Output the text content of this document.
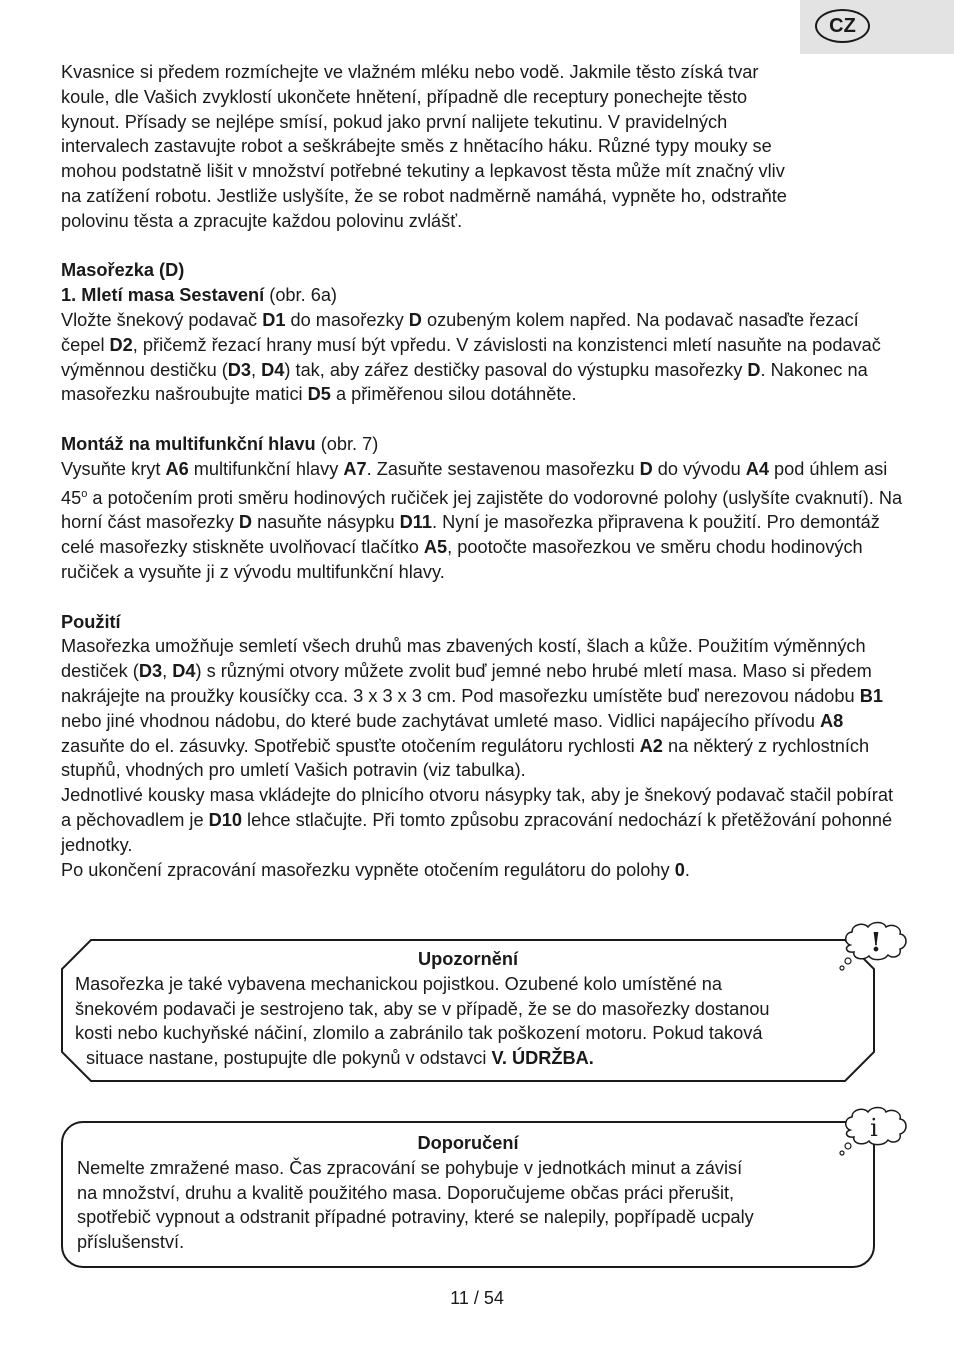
CZ

Kvasnice si předem rozmíchejte ve vlažném mléku nebo vodě. Jakmile těsto získá tvar

koule, dle Vašich zvyklostí ukončete hnětení, případně dle receptury ponechejte těsto

kynout. Přísady se nejlépe smísí, pokud jako první nalijete tekutinu. V pravidelných

intervalech zastavujte robot a seškrábejte směs z hnětacího háku. Různé typy mouky se

mohou podstatně lišit v množství potřebné tekutiny a lepkavost těsta může mít značný vliv

na zatížení robotu. Jestliže uslyšíte, že se robot nadměrně namáhá, vypněte ho, odstraňte

polovinu těsta a zpracujte každou polovinu zvlášť.

Masořezka (D)

1. Mletí masa Sestavení (obr. 6a)

Vložte šnekový podavač D1 do masořezky D ozubeným kolem napřed. Na podavač nasaďte řezací čepel D2, přičemž řezací hrany musí být vpředu. V závislosti na konzistenci mletí nasuňte na podavač výměnnou destičku (D3, D4) tak, aby zářez destičky pasoval do výstupku masořezky D. Nakonec na masořezku našroubujte matici D5 a přiměřenou silou dotáhněte.

Montáž na multifunkční hlavu (obr. 7)

Vysuňte kryt A6 multifunkční hlavy A7. Zasuňte sestavenou masořezku D do vývodu A4 pod úhlem asi 45$^o$ a potočením proti směru hodinových ručiček jej zajistěte do vodorovné polohy (uslyšíte cvaknutí). Na horní část masořezky D nasuňte násypku D11. Nyní je masořezka připravena k použití. Pro demontáž celé masořezky stiskněte uvolňovací tlačítko A5, pootočte masořezkou ve směru chodu hodinových ručiček a vysuňte ji z vývodu multifunkční hlavy.

Použití

Masořezka umožňuje semletí všech druhů mas zbavených kostí, šlach a kůže. Použitím výměnných destiček (D3, D4) s různými otvory můžete zvolit buď jemné nebo hrubé mletí masa. Maso si předem nakrájejte na proužky kousíčky cca. 3 x 3 x 3 cm. Pod masořezku umístěte buď nerezovou nádobu B1 nebo jiné vhodnou nádobu, do které bude zachytávat umleté maso. Vidlici napájecího přívodu A8 zasuňte do el. zásuvky. Spotřebič spusťte otočením regulátoru rychlosti A2 na některý z rychlostních stupňů, vhodných pro umletí Vašich potravin (viz tabulka).

Jednotlivé kousky masa vkládejte do plnicího otvoru násypky tak, aby je šnekový podavač stačil pobírat a pěchovadlem je D10 lehce stlačujte. Při tomto způsobu zpracování nedochází k přetěžování pohonné jednotky.

Po ukončení zpracování masořezku vypněte otočením regulátoru do polohy 0.

Upozornění

Masořezka je také vybavena mechanickou pojistkou. Ozubené kolo umístěné na

šnekovém podavači je sestrojeno tak, aby se v případě, že se do masořezky dostanou

kosti nebo kuchyňské náčiní, zlomilo a zabránilo tak poškození motoru. Pokud taková

situace nastane, postupujte dle pokynů v odstavci V. ÚDRŽBA.

!

Doporučení

Nemelte zmražené maso. Čas zpracování se pohybuje v jednotkách minut a závisí

na množství, druhu a kvalitě použitého masa. Doporučujeme občas práci přerušit,

spotřebič vypnout a odstranit případné potraviny, které se nalepily, popřípadě ucpaly

příslušenství.

i
11 / 54
